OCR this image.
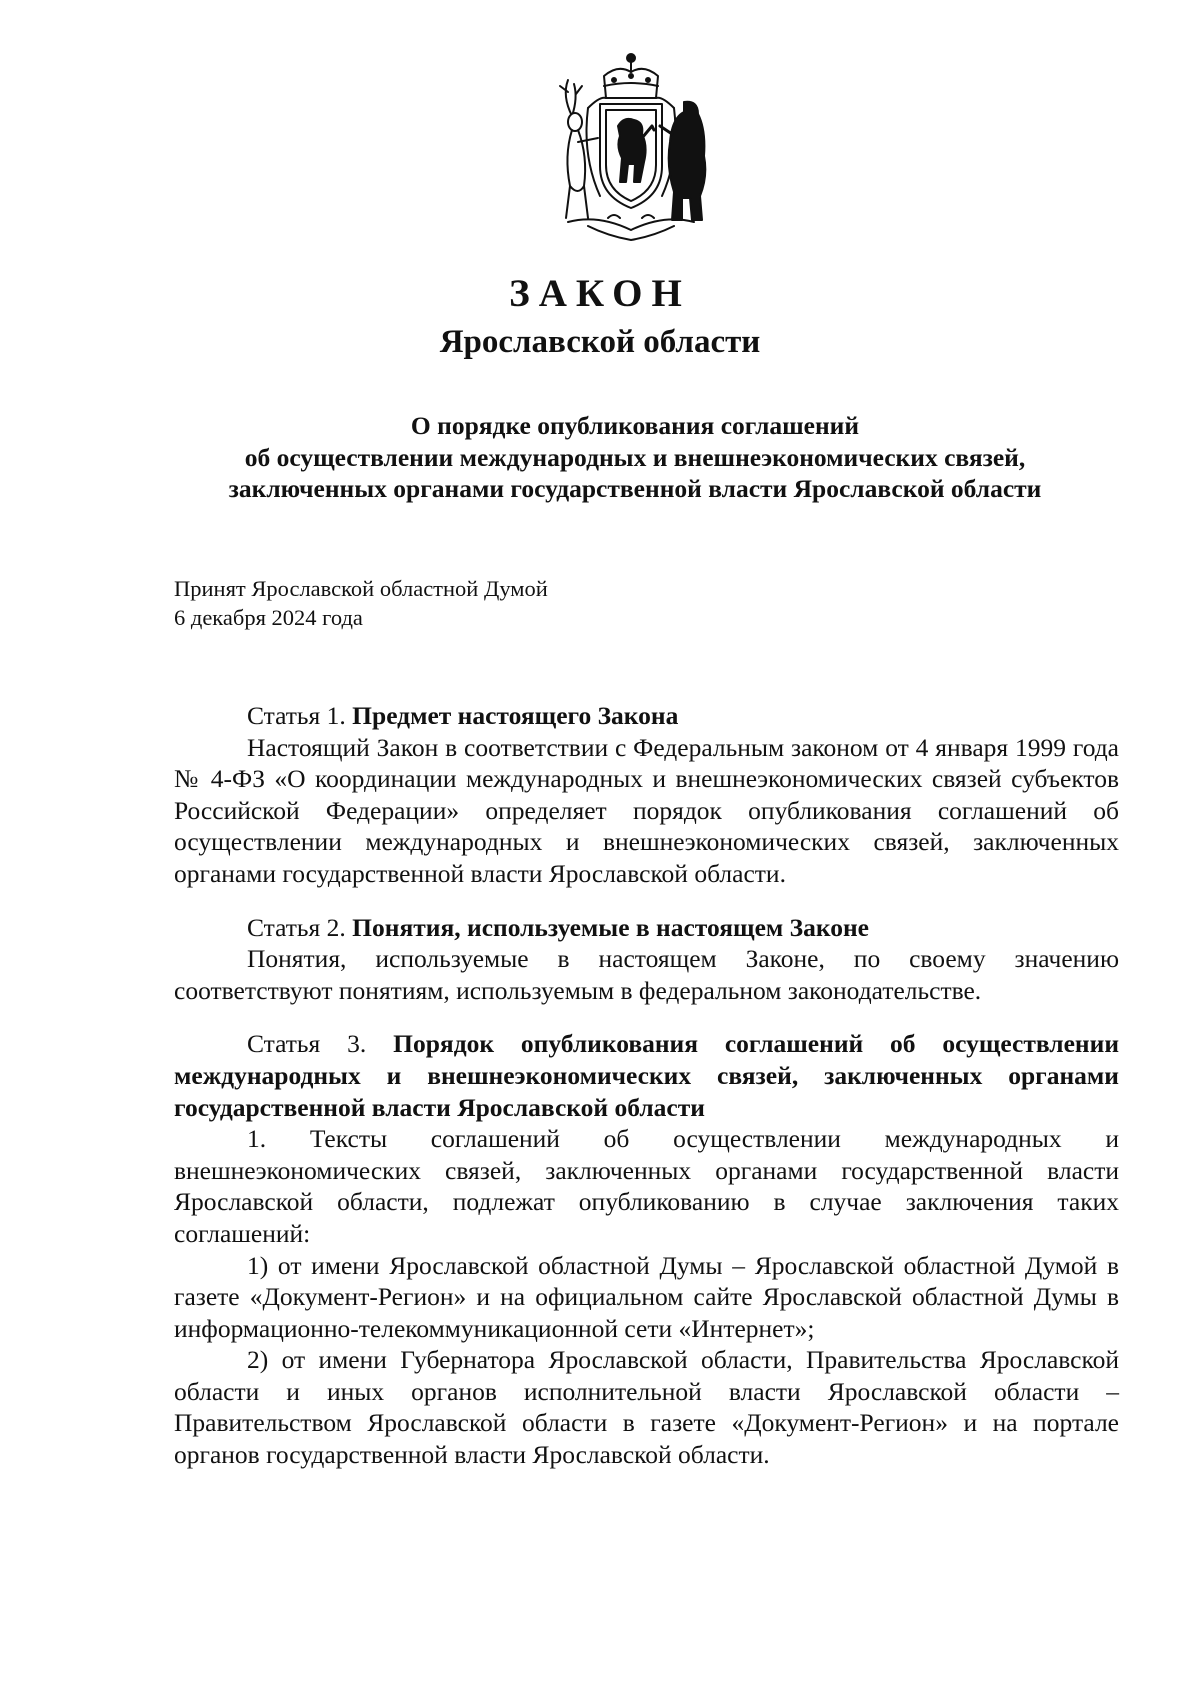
ЗАКОН
Ярославской области
О порядке опубликования соглашений
об осуществлении международных и внешнеэкономических связей,
заключенных органами государственной власти Ярославской области
Принят Ярославской областной Думой
6 декабря 2024 года

Статья 1. Предмет настоящего Закона

Настоящий Закон в соответствии с Федеральным законом от 4 января 1999 года № 4-ФЗ «О координации международных и внешнеэкономических связей субъектов Российской Федерации» определяет порядок опубликования соглашений об осуществлении международных и внешнеэкономических связей, заключенных органами государственной власти Ярославской области.

Статья 2. Понятия, используемые в настоящем Законе

Понятия, используемые в настоящем Законе, по своему значению соответствуют понятиям, используемым в федеральном законодательстве.

Статья 3. Порядок опубликования соглашений об осуществлении международных и внешнеэкономических связей, заключенных органами государственной власти Ярославской области

1. Тексты соглашений об осуществлении международных и внешнеэкономических связей, заключенных органами государственной власти Ярославской области, подлежат опубликованию в случае заключения таких соглашений:

1) от имени Ярославской областной Думы – Ярославской областной Думой в газете «Документ-Регион» и на официальном сайте Ярославской областной Думы в информационно-телекоммуникационной сети «Интернет»;

2) от имени Губернатора Ярославской области, Правительства Ярославской области и иных органов исполнительной власти Ярославской области – Правительством Ярославской области в газете «Документ-Регион» и на портале органов государственной власти Ярославской области.
